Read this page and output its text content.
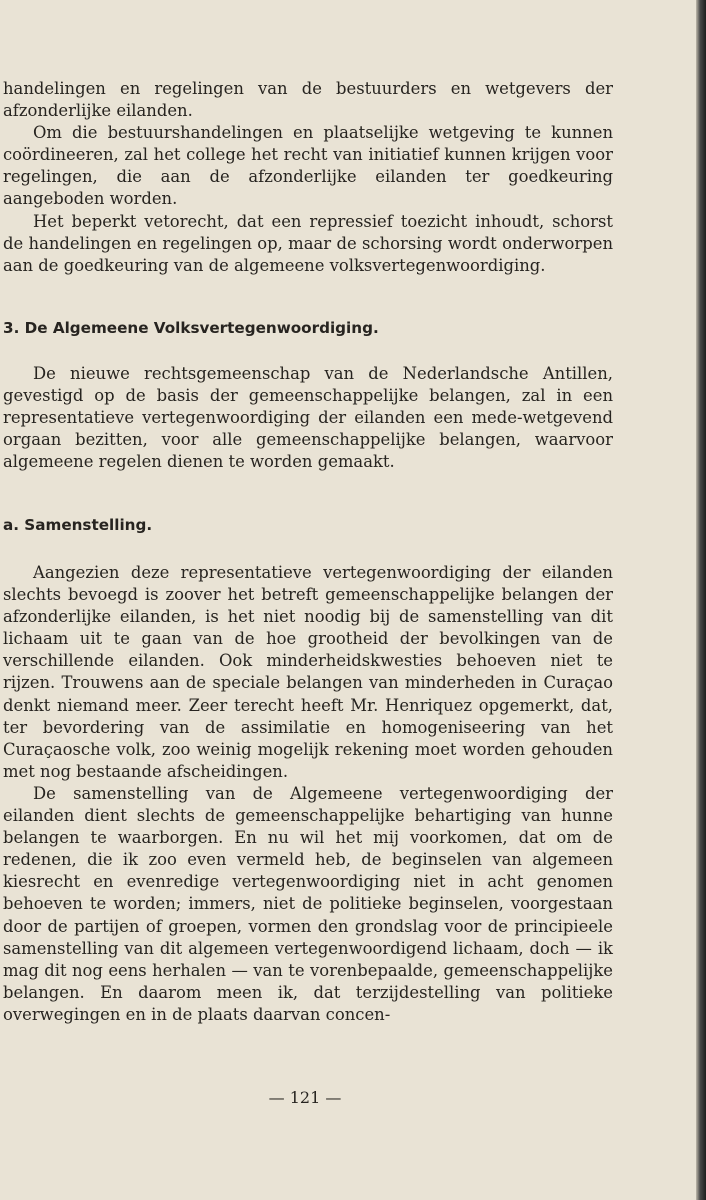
handelingen en regelingen van de bestuurders en wetgevers der afzonderlijke eilanden.

Om die bestuurshandelingen en plaatselijke wetgeving te kunnen coördineeren, zal het college het recht van initiatief kunnen krijgen voor regelingen, die aan de afzonderlijke eilanden ter goedkeuring aangeboden worden.

Het beperkt vetorecht, dat een repressief toezicht inhoudt, schorst de handelingen en regelingen op, maar de schorsing wordt onderworpen aan de goedkeuring van de algemeene volksvertegenwoordiging.

3. De Algemeene Volksvertegenwoordiging.

De nieuwe rechtsgemeenschap van de Nederlandsche Antillen, gevestigd op de basis der gemeenschappelijke belangen, zal in een representatieve vertegenwoordiging der eilanden een mede-wetgevend orgaan bezitten, voor alle gemeenschappelijke belangen, waarvoor algemeene regelen dienen te worden gemaakt.

a. Samenstelling.

Aangezien deze representatieve vertegenwoordiging der eilanden slechts bevoegd is zoover het betreft gemeenschappelijke belangen der afzonderlijke eilanden, is het niet noodig bij de samenstelling van dit lichaam uit te gaan van de hoe grootheid der bevolkingen van de verschillende eilanden. Ook minderheidskwesties behoeven niet te rijzen. Trouwens aan de speciale belangen van minderheden in Curaçao denkt niemand meer. Zeer terecht heeft Mr. Henriquez opgemerkt, dat, ter bevordering van de assimilatie en homogeniseering van het Curaçaosche volk, zoo weinig mogelijk rekening moet worden gehouden met nog bestaande afscheidingen.

De samenstelling van de Algemeene vertegenwoordiging der eilanden dient slechts de gemeenschappelijke behartiging van hunne belangen te waarborgen. En nu wil het mij voorkomen, dat om de redenen, die ik zoo even vermeld heb, de beginselen van algemeen kiesrecht en evenredige vertegenwoordiging niet in acht genomen behoeven te worden; immers, niet de politieke beginselen, voorgestaan door de partijen of groepen, vormen den grondslag voor de principieele samenstelling van dit algemeen vertegenwoordigend lichaam, doch — ik mag dit nog eens herhalen — van te vorenbepaalde, gemeenschappelijke belangen. En daarom meen ik, dat terzijdestelling van politieke overwegingen en in de plaats daarvan concen-

— 121 —
